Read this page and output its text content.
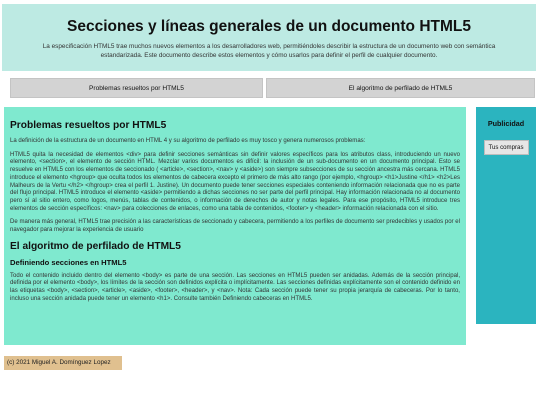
Secciones y líneas generales de un documento HTML5

La especificación HTML5 trae muchos nuevos elementos a los desarrolladores web, permitiéndoles describir la estructura de un documento web con semántica estandarizada. Este documento describe estos elementos y cómo usarlos para definir el perfil de cualquier documento.

Problemas resueltos por HTML5	El algoritmo de perfilado de HTML5
Problemas resueltos por HTML5

La definición de la estructura de un documento en HTML 4 y su algoritmo de perfilado es muy tosco y genera numerosos problemas:

HTML5 quita la necesidad de elementos <div> para definir secciones semánticas sin definir valores específicos para los atributos class, introduciendo un nuevo elemento, <section>, el elemento de sección HTML. Mezclar varios documentos es difícil: la inclusión de un sub-documento en un documento principal. Esto se resuelve en HTML5 con los elementos de seccionado ( <article>, <section>, <nav> y <aside>) son siempre subsecciones de su sección ancestra más cercana. HTML5 introduce el elemento <hgroup> que oculta todos los elementos de cabecera excepto el primero de más alto rango (por ejemplo, <hgroup> <h1>Justine </h1> <h2>Les Malheurs de la Vertu </h2> </hgroup> crea el perfil 1. Justine). Un documento puede tener secciones especiales conteniendo información relacionada que no es parte del flujo principal. HTML5 introduce el elemento <aside> permitiendo a dichas secciones no ser parte del perfil principal. Hay información relacionada no al documento pero sí al sitio entero, como logos, menús, tablas de contenidos, o información de derechos de autor y notas legales. Para ese propósito, HTML5 introduce tres elementos de sección específicos: <nav> para colecciones de enlaces, como una tabla de contenidos, <footer> y <header> información relacionada con el sitio.

De manera más general, HTML5 trae precisión a las características de seccionado y cabecera, permitiendo a los perfiles de documento ser predecibles y usados por el navegador para mejorar la experiencia de usuario

El algoritmo de perfilado de HTML5
Definiendo secciones en HTML5

Todo el contenido incluido dentro del elemento <body> es parte de una sección. Las secciones en HTML5 pueden ser anidadas. Además de la sección principal, definida por el elemento <body>, los límites de la sección son definidos explícita o implícitamente. Las secciones definidas explícitamente son el contenido definido en las etiquetas <body>, <section>, <article>, <aside>, <footer>, <header>, y <nav>. Nota: Cada sección puede tener su propia jerarquía de cabeceras. Por lo tanto, incluso una sección anidada puede tener un elemento <h1>. Consulte también Definiendo cabeceras en HTML5.

Publicidad
Tus compras
(c) 2021 Miguel A. Domínguez Lopez
